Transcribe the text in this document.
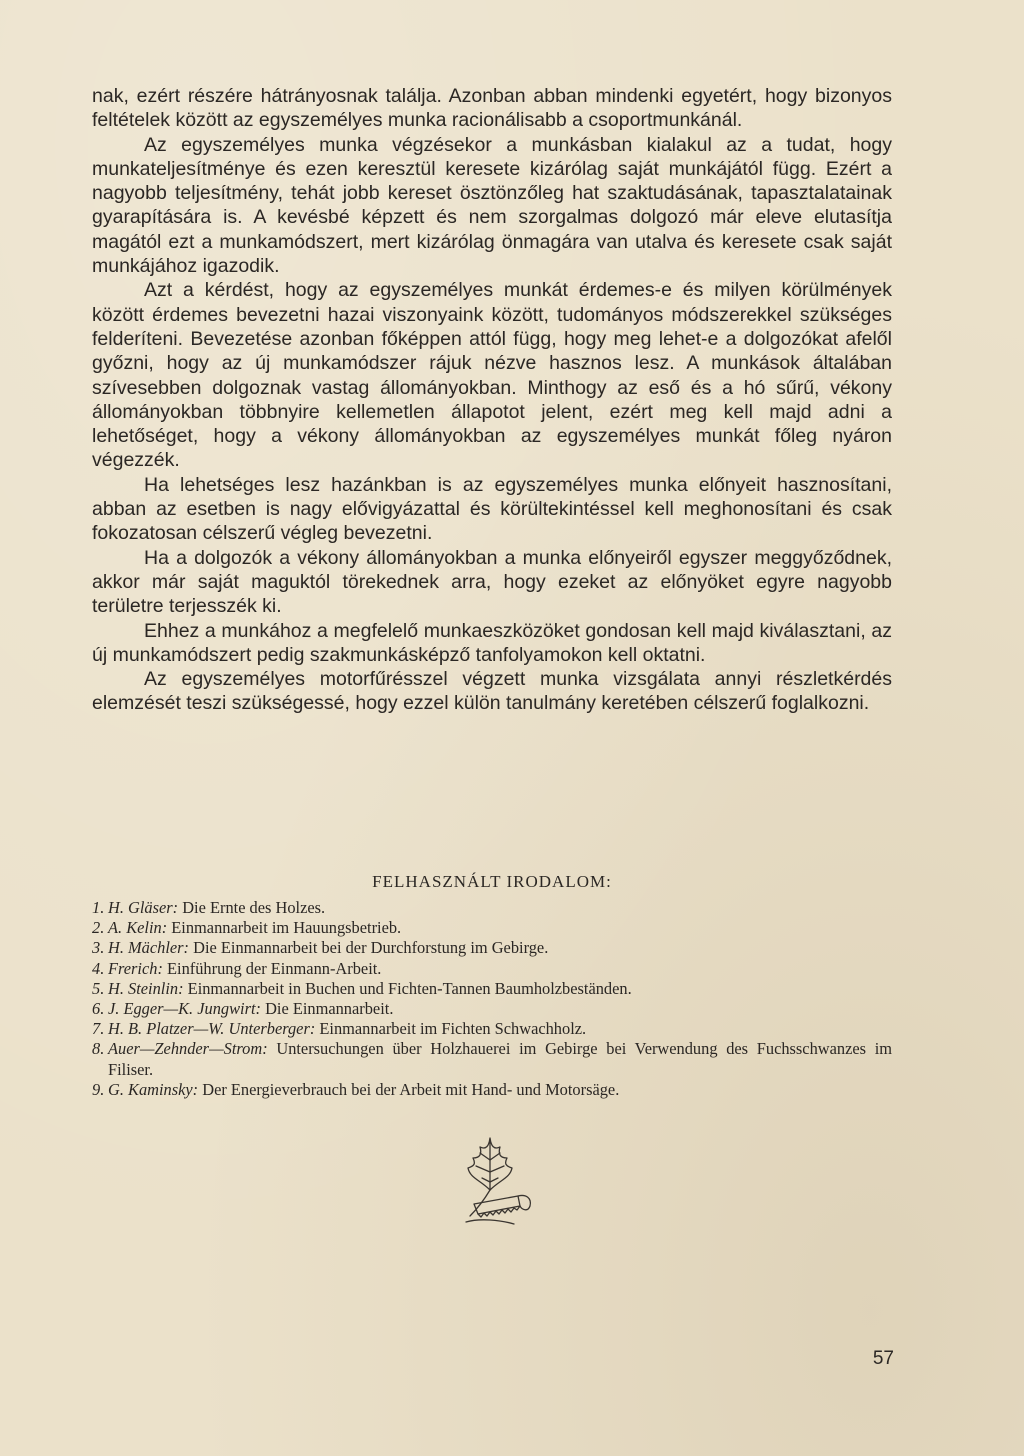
nak, ezért részére hátrányosnak találja. Azonban abban mindenki egyetért, hogy bizonyos feltételek között az egyszemélyes munka racionálisabb a csoportmunkánál.

Az egyszemélyes munka végzésekor a munkásban kialakul az a tudat, hogy munkateljesítménye és ezen keresztül keresete kizárólag saját munkájától függ. Ezért a nagyobb teljesítmény, tehát jobb kereset ösztönzőleg hat szaktudásának, tapasztalatainak gyarapítására is. A kevésbé képzett és nem szorgalmas dolgozó már eleve elutasítja magától ezt a munkamódszert, mert kizárólag önmagára van utalva és keresete csak saját munkájához igazodik.

Azt a kérdést, hogy az egyszemélyes munkát érdemes-e és milyen körülmények között érdemes bevezetni hazai viszonyaink között, tudományos módszerekkel szükséges felderíteni. Bevezetése azonban főképpen attól függ, hogy meg lehet-e a dolgozókat afelől győzni, hogy az új munkamódszer rájuk nézve hasznos lesz. A munkások általában szívesebben dolgoznak vastag állományokban. Minthogy az eső és a hó sűrű, vékony állományokban többnyire kellemetlen állapotot jelent, ezért meg kell majd adni a lehetőséget, hogy a vékony állományokban az egyszemélyes munkát főleg nyáron végezzék.

Ha lehetséges lesz hazánkban is az egyszemélyes munka előnyeit hasznosítani, abban az esetben is nagy elővigyázattal és körültekintéssel kell meghonosítani és csak fokozatosan célszerű végleg bevezetni.

Ha a dolgozók a vékony állományokban a munka előnyeiről egyszer meggyőződnek, akkor már saját maguktól törekednek arra, hogy ezeket az előnyöket egyre nagyobb területre terjesszék ki.

Ehhez a munkához a megfelelő munkaeszközöket gondosan kell majd kiválasztani, az új munkamódszert pedig szakmunkásképző tanfolyamokon kell oktatni.

Az egyszemélyes motorfűrésszel végzett munka vizsgálata annyi részletkérdés elemzését teszi szükségessé, hogy ezzel külön tanulmány keretében célszerű foglalkozni.

FELHASZNÁLT IRODALOM:
1. H. Gläser: Die Ernte des Holzes.
2. A. Kelin: Einmannarbeit im Hauungsbetrieb.
3. H. Mächler: Die Einmannarbeit bei der Durchforstung im Gebirge.
4. Frerich: Einführung der Einmann-Arbeit.
5. H. Steinlin: Einmannarbeit in Buchen und Fichten-Tannen Baumholzbeständen.
6. J. Egger—K. Jungwirt: Die Einmannarbeit.
7. H. B. Platzer—W. Unterberger: Einmannarbeit im Fichten Schwachholz.
8. Auer—Zehnder—Strom: Untersuchungen über Holzhauerei im Gebirge bei Verwendung des Fuchsschwanzes im Filiser.
9. G. Kaminsky: Der Energieverbrauch bei der Arbeit mit Hand- und Motorsäge.
57
